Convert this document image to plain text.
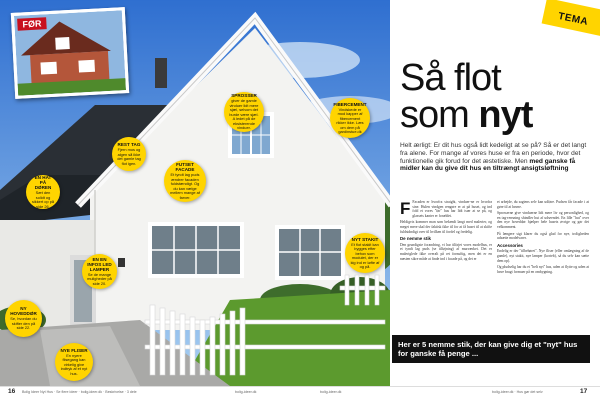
FØR
SPROSSER
giver de gamle vinduer lidt mere sjæl, selvom det burde være sjæl. A ledet på de eksisterende vinduer.
FIBERCEMENT
Vindskede er mod kapper af fibercement rikker ikke. Læs om dem på gardinstue.dk
REST TAG
Fjern mos og algen så ikke det gamle tag flot igen.	FUTSET FACADE
Et tyndt lag puds ændrer facaden fuldstændigt. Og du kan vælge mellem mange af farver.
EN HAT PÅ DØREN
Sæt den solidt og sikkert op på side 26.
EN EN INFOS LED LAMPER
Se de mange muligheder på side 20.
NY HOVEDDØR
Se, hvordan du skifter den på side 22.
NYT STAKIT
Et flot stakit kan bygges efter behov som modulet, der er kig ind er løfte af og på.
NYE FLISER
En nyere flisegang kan virkelig give indtryk af et nyt hus.
TEMA
Så flot
som nyt
Helt ærligt: Er dit hus også lidt kedeligt at se på? Så er det langt fra alene. For mange af vores huse er fra en periode, hvor det funktionelle gik forud for det æstetiske. Men med ganske få midler kan du give dit hus en tiltrængt ansigtsløftning
F Facaden er hvorfra straight, vinduer-ne er hvorfra sine. Hulen vindgen rengøre er at på huset, og ind fold et vores "før" hus har lidt især at se på, og glassets kanter er forældet.
Heldigvis kommer man som bekendt langt med malerier, og meget mere skal der faktisk ikke til for at få huset til at skifte fuldstdndigt over til hvilken til fordel og fredelig.
De nemme stik
Den grundigste forandring, vi har tilføjet vores modelhus, er et tyndt lag puds (se tilføjning) af murværket. Det er maleriglede ikke overalt på ret fornuftig, men det er en næsten sikre måde at finde ind i facade på, og det er
et arbejde, du sagtens selv kan udføre. Pudsen får facade i at gøre til at havne.
Sprosserne give vinduerne lidt mere liv og personlighed, og en tag-rensning shindler hut af udseendet. En lille "hut" over den nye hoveddør hjælper hele husets øvrige og gør det velkomment.
På længere sigt klarer du også glad for nye, troligheden udsætte modelvarer.
Accessories
Endelig er der "tilbehøret". Nye fliser (eller omlægning af de gamle), nyt stakit, nye lamper (korteb), så du selv kan sætte dem op).
Og pludselig har du et "helt nyt" hus, uden at flytte og uden at have brugt formuer på en ombygning.
Her er 5 nemme stik, der kan give dig et "nyt" hus for ganske få penge ...
16 Bolig Ideer Nyt Hus · Se flere ideer · bolig-ideer.dk · Beskrivelse · 3 dele	bolig-ideer.dk	bolig-ideer.dk	bolig-ideer.dk · Hus gør det selv	17
